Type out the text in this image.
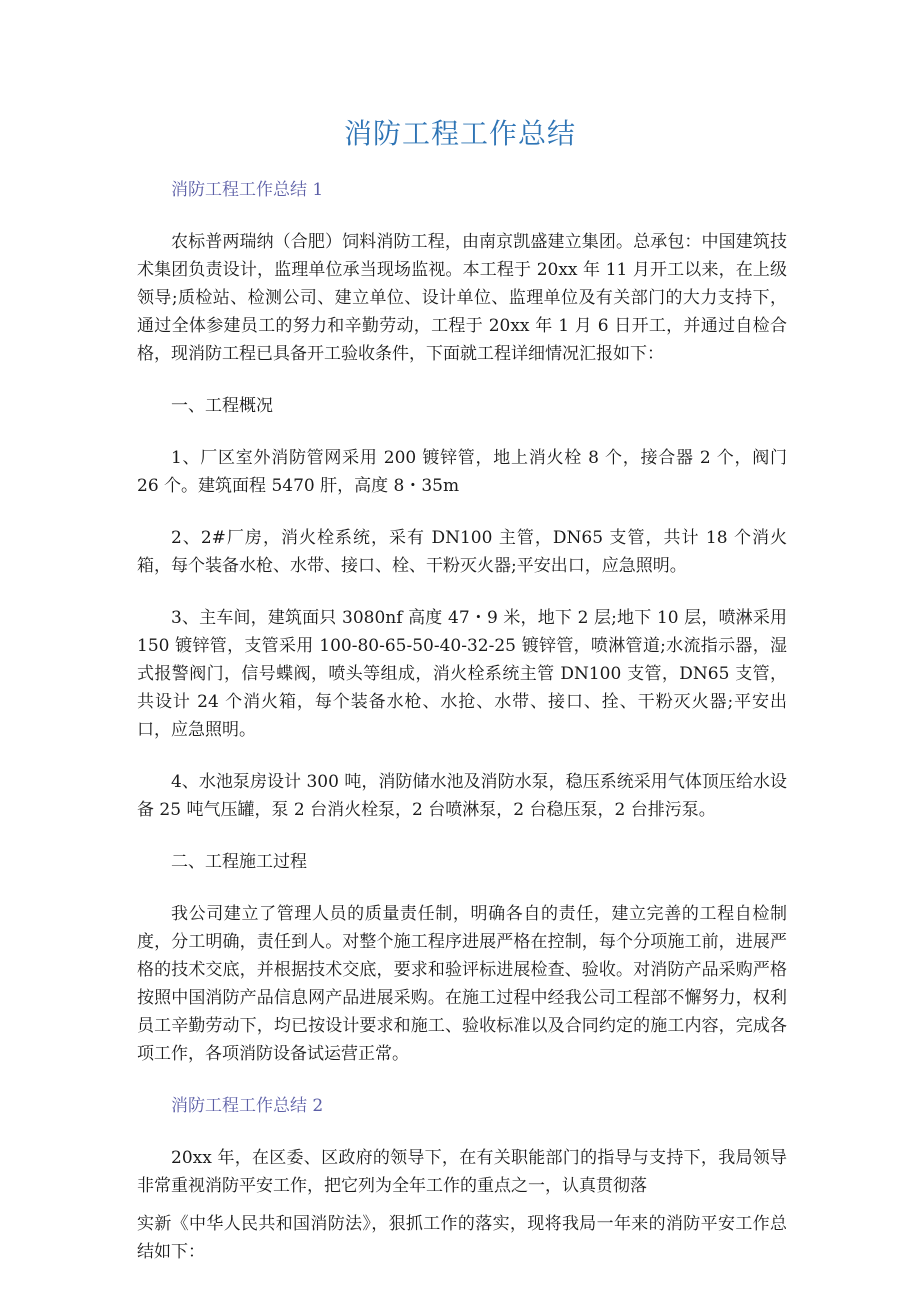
消防工程工作总结

消防工程工作总结 1

农标普两瑞纳（合肥）饲料消防工程，由南京凯盛建立集团。总承包：中国建筑技术集团负责设计，监理单位承当现场监视。本工程于 20xx 年 11 月开工以来，在上级领导;质检站、检测公司、建立单位、设计单位、监理单位及有关部门的大力支持下，通过全体参建员工的努力和辛勤劳动，工程于 20xx 年 1 月 6 日开工，并通过自检合格，现消防工程已具备开工验收条件，下面就工程详细情况汇报如下：

一、工程概况

1、厂区室外消防管网采用 200 镀锌管，地上消火栓 8 个，接合器 2 个，阀门 26 个。建筑面程 5470 肝，高度 8・35m

2、2#厂房，消火栓系统，采有 DN100 主管，DN65 支管，共计 18 个消火箱，每个装备水枪、水带、接口、栓、干粉灭火器;平安出口，应急照明。

3、主车间，建筑面只 3080nf 高度 47・9 米，地下 2 层;地下 10 层，喷淋采用 150 镀锌管，支管采用 100-80-65-50-40-32-25 镀锌管，喷淋管道;水流指示器，湿式报警阀门，信号蝶阀，喷头等组成，消火栓系统主管 DN100 支管，DN65 支管，共设计 24 个消火箱，每个装备水枪、水抢、水带、接口、拴、干粉灭火器;平安出口，应急照明。

4、水池泵房设计 300 吨，消防储水池及消防水泵，稳压系统采用气体顶压给水设备 25 吨气压罐，泵 2 台消火栓泵，2 台喷淋泵，2 台稳压泵，2 台排污泵。

二、工程施工过程

我公司建立了管理人员的质量责任制，明确各自的责任，建立完善的工程自检制度，分工明确，责任到人。对整个施工程序进展严格在控制，每个分项施工前，进展严格的技术交底，并根据技术交底，要求和验评标进展检查、验收。对消防产品采购严格按照中国消防产品信息网产品进展采购。在施工过程中经我公司工程部不懈努力，权利员工辛勤劳动下，均已按设计要求和施工、验收标准以及合同约定的施工内容，完成各项工作，各项消防设备试运营正常。

消防工程工作总结 2

20xx 年，在区委、区政府的领导下，在有关职能部门的指导与支持下，我局领导非常重视消防平安工作，把它列为全年工作的重点之一，认真贯彻落

实新《中华人民共和国消防法》，狠抓工作的落实，现将我局一年来的消防平安工作总结如下：
